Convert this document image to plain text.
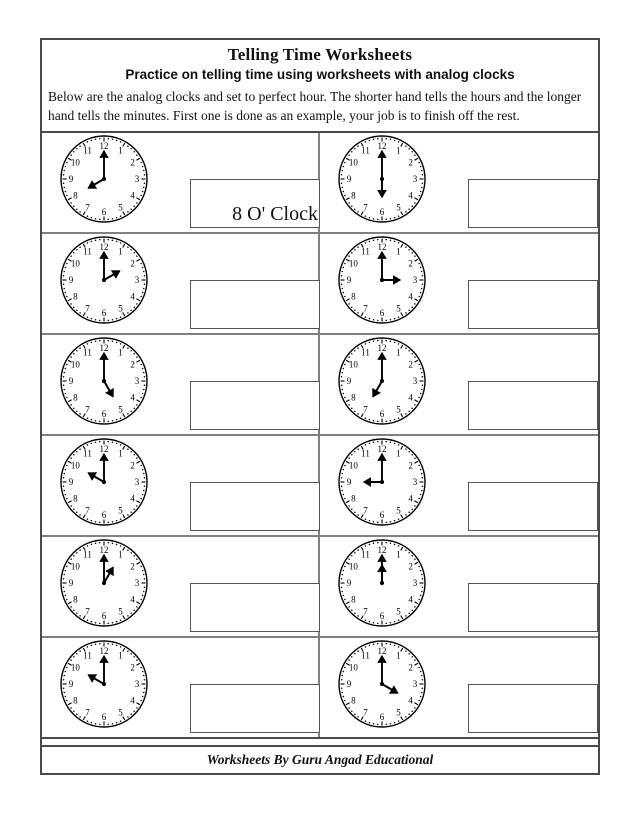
Telling Time Worksheets
Practice on telling time using worksheets with analog clocks
Below are the analog clocks and set to perfect hour. The shorter hand tells the hours and the longer
hand tells the minutes. First one is done as an example, your job is to finish off the rest.
1
2
3
4
5
6
7
8
9
10
11 12
8 O' Clock
1
2
3
4
5
6
7
8
9
10
11 12
1
2
3
4
5
6
7
8
9
10
11 12	1
2
3
4
5
6
7
8
9
10
11 12
1
2
3
4
5
6
7
8
9
10
11 12	1
2
3
4
5
6
7
8
9
10
11 12
1
2
3
4
5
6
7
8
9
10
11 12	1
2
3
4
5
6
7
8
9
10
11 12
1
2
3
4
5
6
7
8
9
10
11 12	1
2
3
4
5
6
7
8
9
10
11 12
1
2
3
4
5
6
7
8
9
10
11 12	1
2
3
4
5
6
7
8
9
10
11 12
Worksheets By Guru Angad Educational
